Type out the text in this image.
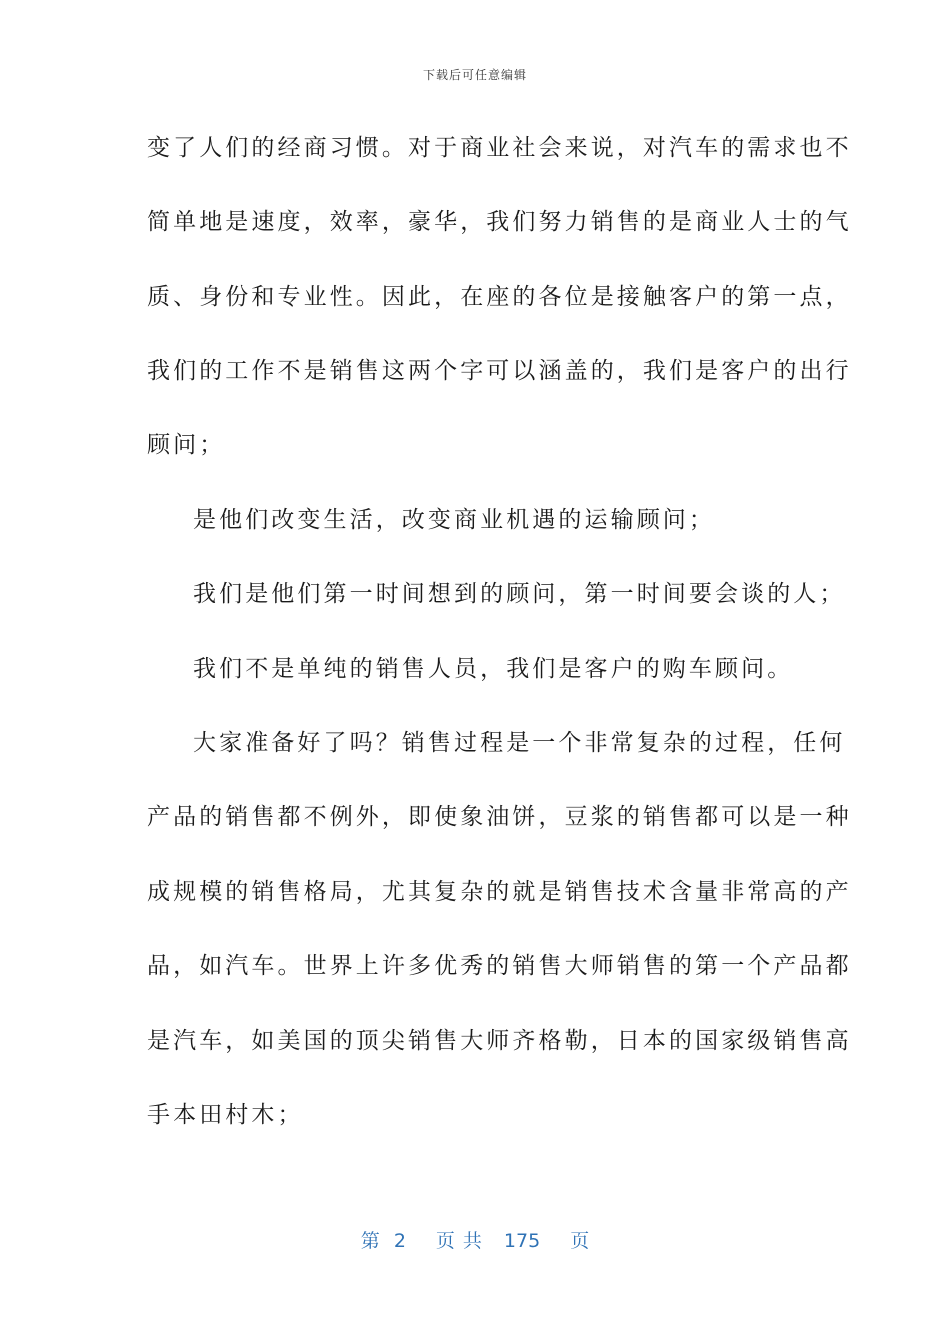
下载后可任意编辑
变了人们的经商习惯。对于商业社会来说，对汽车的需求也不
简单地是速度，效率，豪华，我们努力销售的是商业人士的气
质、身份和专业性。因此，在座的各位是接触客户的第一点，
我们的工作不是销售这两个字可以涵盖的，我们是客户的出行
顾问；
是他们改变生活，改变商业机遇的运输顾问；
我们是他们第一时间想到的顾问，第一时间要会谈的人；
我们不是单纯的销售人员，我们是客户的购车顾问。
大家准备好了吗？销售过程是一个非常复杂的过程，任何
产品的销售都不例外，即使象油饼，豆浆的销售都可以是一种
成规模的销售格局，尤其复杂的就是销售技术含量非常高的产
品，如汽车。世界上许多优秀的销售大师销售的第一个产品都
是汽车，如美国的顶尖销售大师齐格勒，日本的国家级销售高
手本田村木；
第 2 页共 175 页
